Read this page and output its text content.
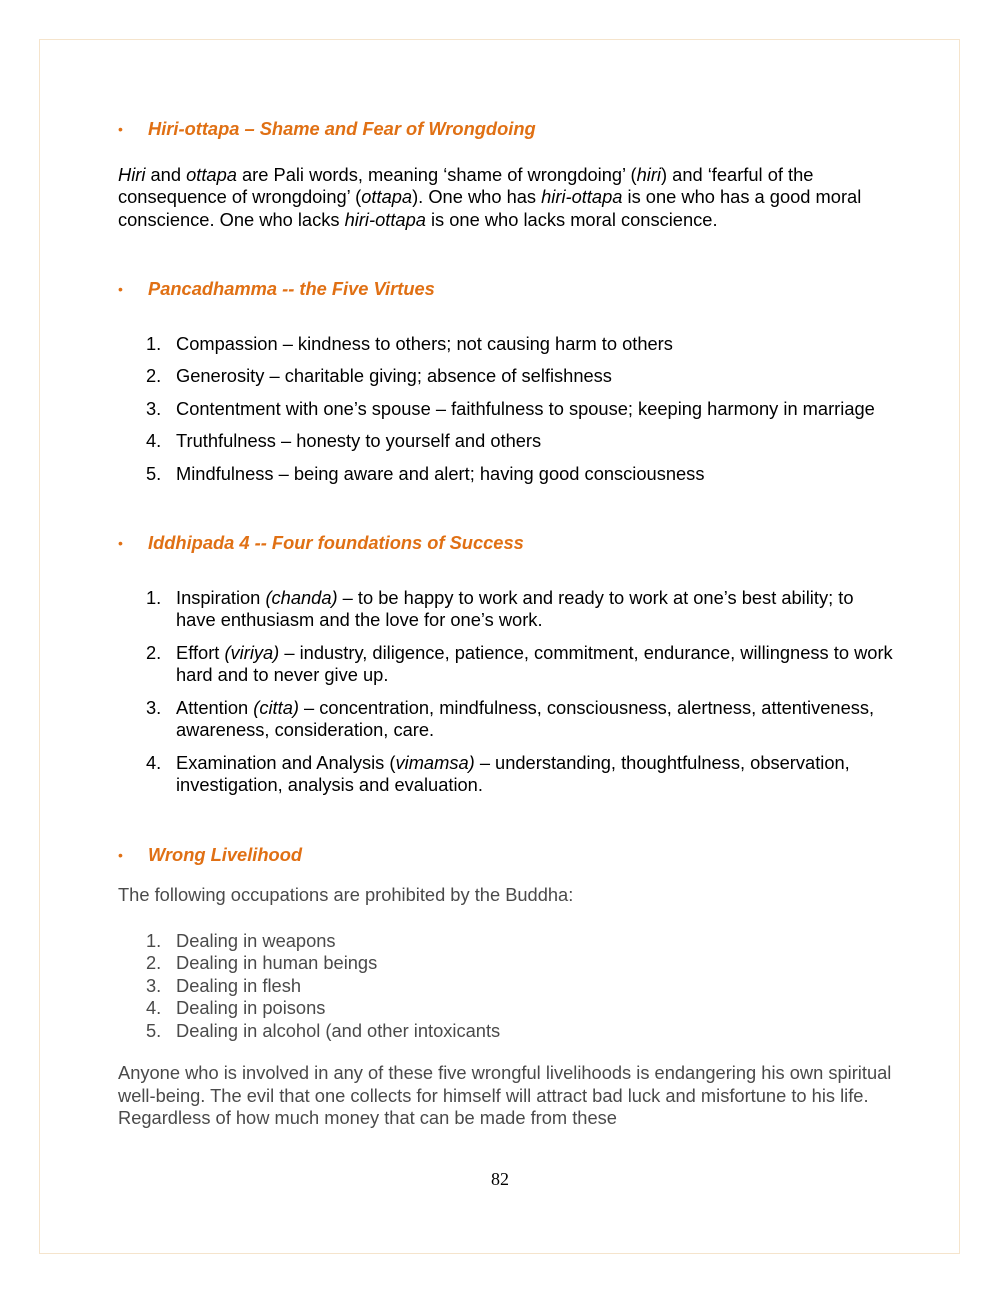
• Hiri-ottapa – Shame and Fear of Wrongdoing

Hiri and ottapa are Pali words, meaning ‘shame of wrongdoing’ (hiri) and ‘fearful of the consequence of wrongdoing’ (ottapa). One who has hiri-ottapa is one who has a good moral conscience. One who lacks hiri-ottapa is one who lacks moral conscience.

• Pancadhamma -- the Five Virtues
1. Compassion – kindness to others; not causing harm to others
2. Generosity – charitable giving; absence of selfishness
3. Contentment with one’s spouse – faithfulness to spouse; keeping harmony in marriage
4. Truthfulness – honesty to yourself and others
5. Mindfulness – being aware and alert; having good consciousness
• Iddhipada 4 -- Four foundations of Success
1. Inspiration (chanda) – to be happy to work and ready to work at one’s best ability; to have enthusiasm and the love for one’s work.
2. Effort (viriya) – industry, diligence, patience, commitment, endurance, willingness to work hard and to never give up.
3. Attention (citta) – concentration, mindfulness, consciousness, alertness, attentiveness, awareness, consideration, care.
4. Examination and Analysis (vimamsa) – understanding, thoughtfulness, observation, investigation, analysis and evaluation.
• Wrong Livelihood

The following occupations are prohibited by the Buddha:

1. Dealing in weapons
2. Dealing in human beings
3. Dealing in flesh
4. Dealing in poisons
5. Dealing in alcohol (and other intoxicants

Anyone who is involved in any of these five wrongful livelihoods is endangering his own spiritual well-being. The evil that one collects for himself will attract bad luck and misfortune to his life. Regardless of how much money that can be made from these

82
